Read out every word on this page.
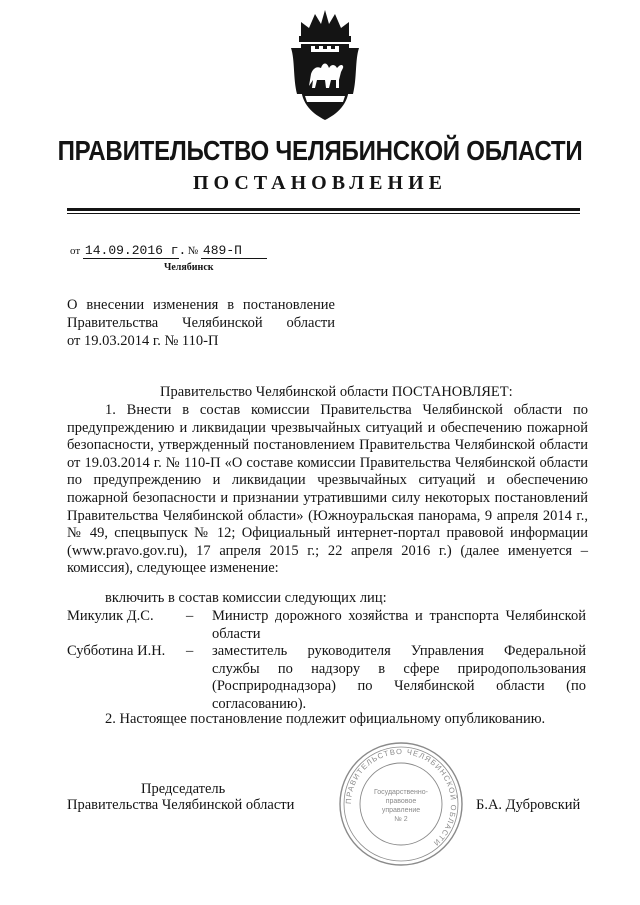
ПРАВИТЕЛЬСТВО ЧЕЛЯБИНСКОЙ ОБЛАСТИ
ПОСТАНОВЛЕНИЕ
от 14.09.2016 г. № 489-П
Челябинск
О внесении изменения в постановление
Правительства Челябинской области
от 19.03.2014 г. № 110-П
Правительство Челябинской области ПОСТАНОВЛЯЕТ:
1. Внести в состав комиссии Правительства Челябинской области по предупреждению и ликвидации чрезвычайных ситуаций и обеспечению пожарной безопасности, утвержденный постановлением Правительства Челябинской области от 19.03.2014 г. № 110-П «О составе комиссии Правительства Челябинской области по предупреждению и ликвидации чрезвычайных ситуаций и обеспечению пожарной безопасности и признании утратившими силу некоторых постановлений Правительства Челябинской области» (Южноуральская панорама, 9 апреля 2014 г., № 49, спецвыпуск № 12; Официальный интернет-портал правовой информации (www.pravo.gov.ru), 17 апреля 2015 г.; 22 апреля 2016 г.) (далее именуется – комиссия), следующее изменение:
включить в состав комиссии следующих лиц:
Микулик Д.С. – Министр дорожного хозяйства и транспорта Челябинской области
Субботина И.Н. – заместитель руководителя Управления Федеральной службы по надзору в сфере природопользования (Росприроднадзора) по Челябинской области (по согласованию).
2. Настоящее постановление подлежит официальному опубликованию.
ПРАВИТЕЛЬСТВО ЧЕЛЯБИНСКОЙ ОБЛАСТИ
Государственно-
правовое
управление
№ 2
Председатель
Правительства Челябинской области	Б.А. Дубровский
